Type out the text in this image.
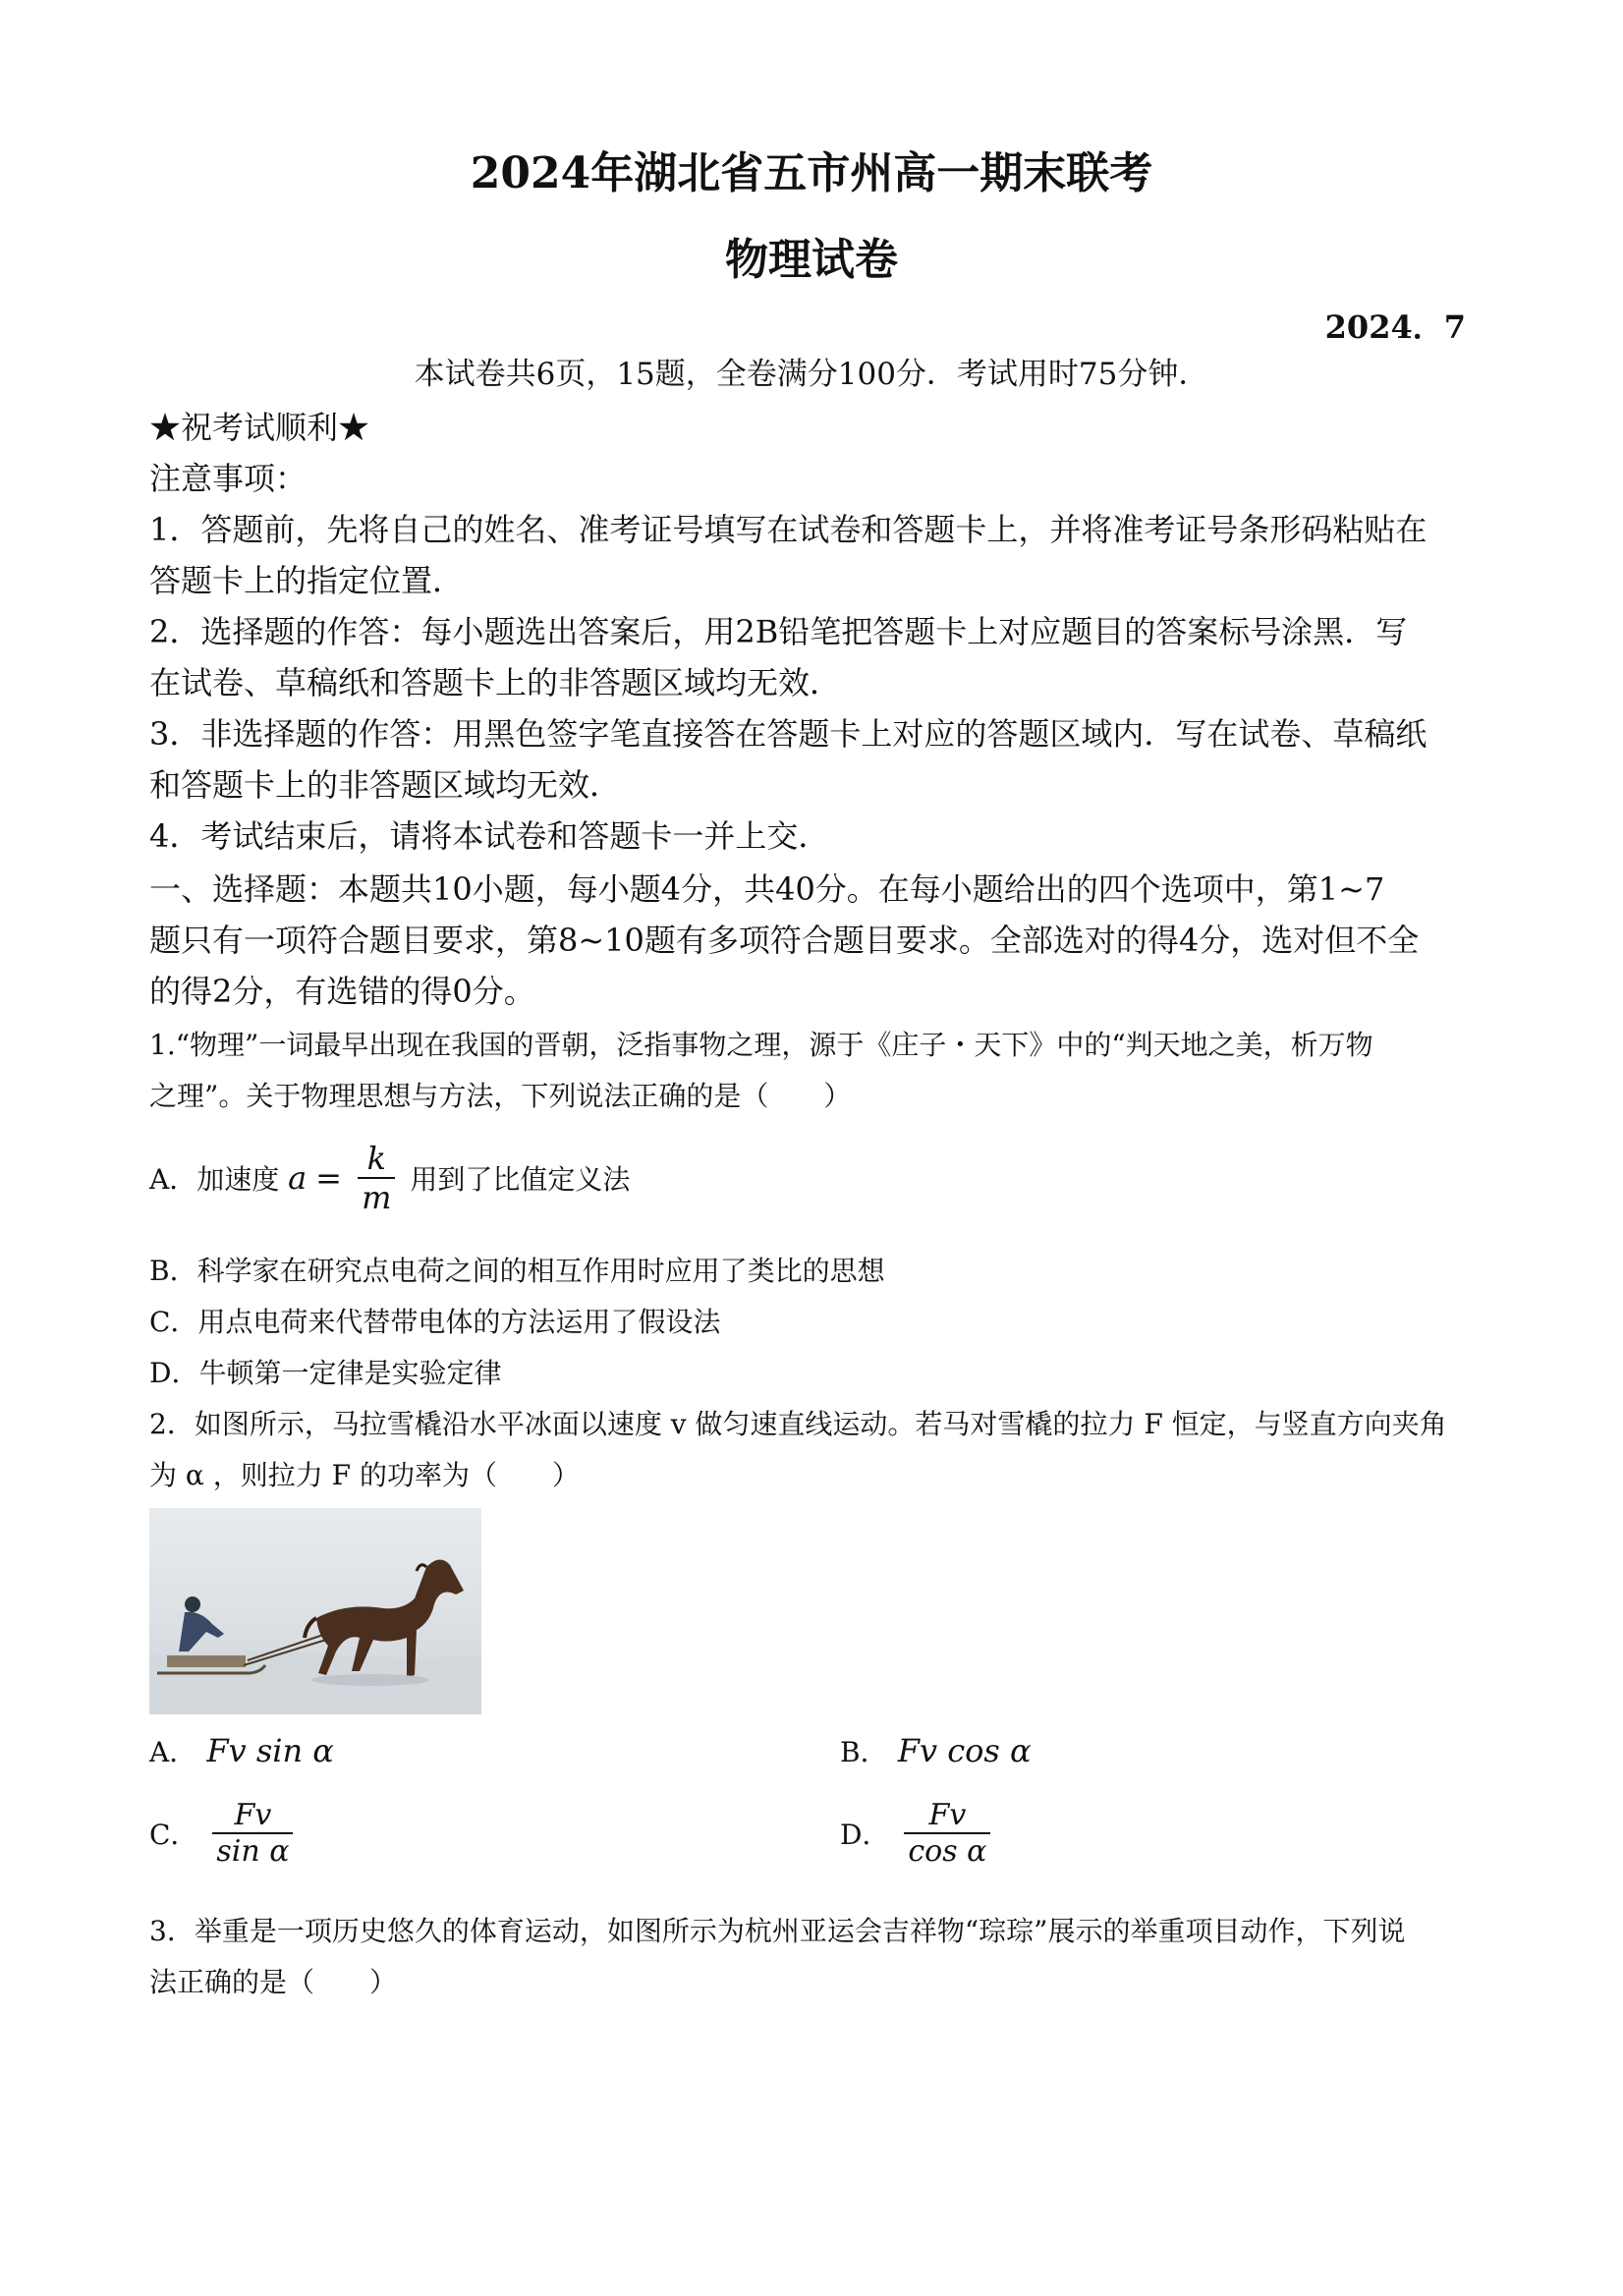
2024年湖北省五市州高一期末联考
物理试卷
2024．7
本试卷共6页，15题，全卷满分100分．考试用时75分钟．
★祝考试顺利★
注意事项：
1．答题前，先将自己的姓名、准考证号填写在试卷和答题卡上，并将准考证号条形码粘贴在
答题卡上的指定位置．
2．选择题的作答：每小题选出答案后，用2B铅笔把答题卡上对应题目的答案标号涂黑．写
在试卷、草稿纸和答题卡上的非答题区域均无效．
3．非选择题的作答：用黑色签字笔直接答在答题卡上对应的答题区域内．写在试卷、草稿纸
和答题卡上的非答题区域均无效．
4．考试结束后，请将本试卷和答题卡一并上交．
一、选择题：本题共10小题，每小题4分，共40分。在每小题给出的四个选项中，第1~7
题只有一项符合题目要求，第8~10题有多项符合题目要求。全部选对的得4分，选对但不全
的得2分，有选错的得0分。
1.“物理”一词最早出现在我国的晋朝，泛指事物之理，源于《庄子・天下》中的“判天地之美，析万物
之理”。关于物理思想与方法，下列说法正确的是（　　）
A．加速度 $a = \frac{k}{m}$ 用到了比值定义法
B．科学家在研究点电荷之间的相互作用时应用了类比的思想
C．用点电荷来代替带电体的方法运用了假设法
D．牛顿第一定律是实验定律
2．如图所示，马拉雪橇沿水平冰面以速度 v 做匀速直线运动。若马对雪橇的拉力 F 恒定，与竖直方向夹角
为 α ，则拉力 F 的功率为（　　）
A． Fv sin α	B． Fv cos α
C． $\frac{Fv}{\text{sin α}}$	D． $\frac{Fv}{\text{cos α}}$
3．举重是一项历史悠久的体育运动，如图所示为杭州亚运会吉祥物“琮琮”展示的举重项目动作，下列说
法正确的是（　　）
